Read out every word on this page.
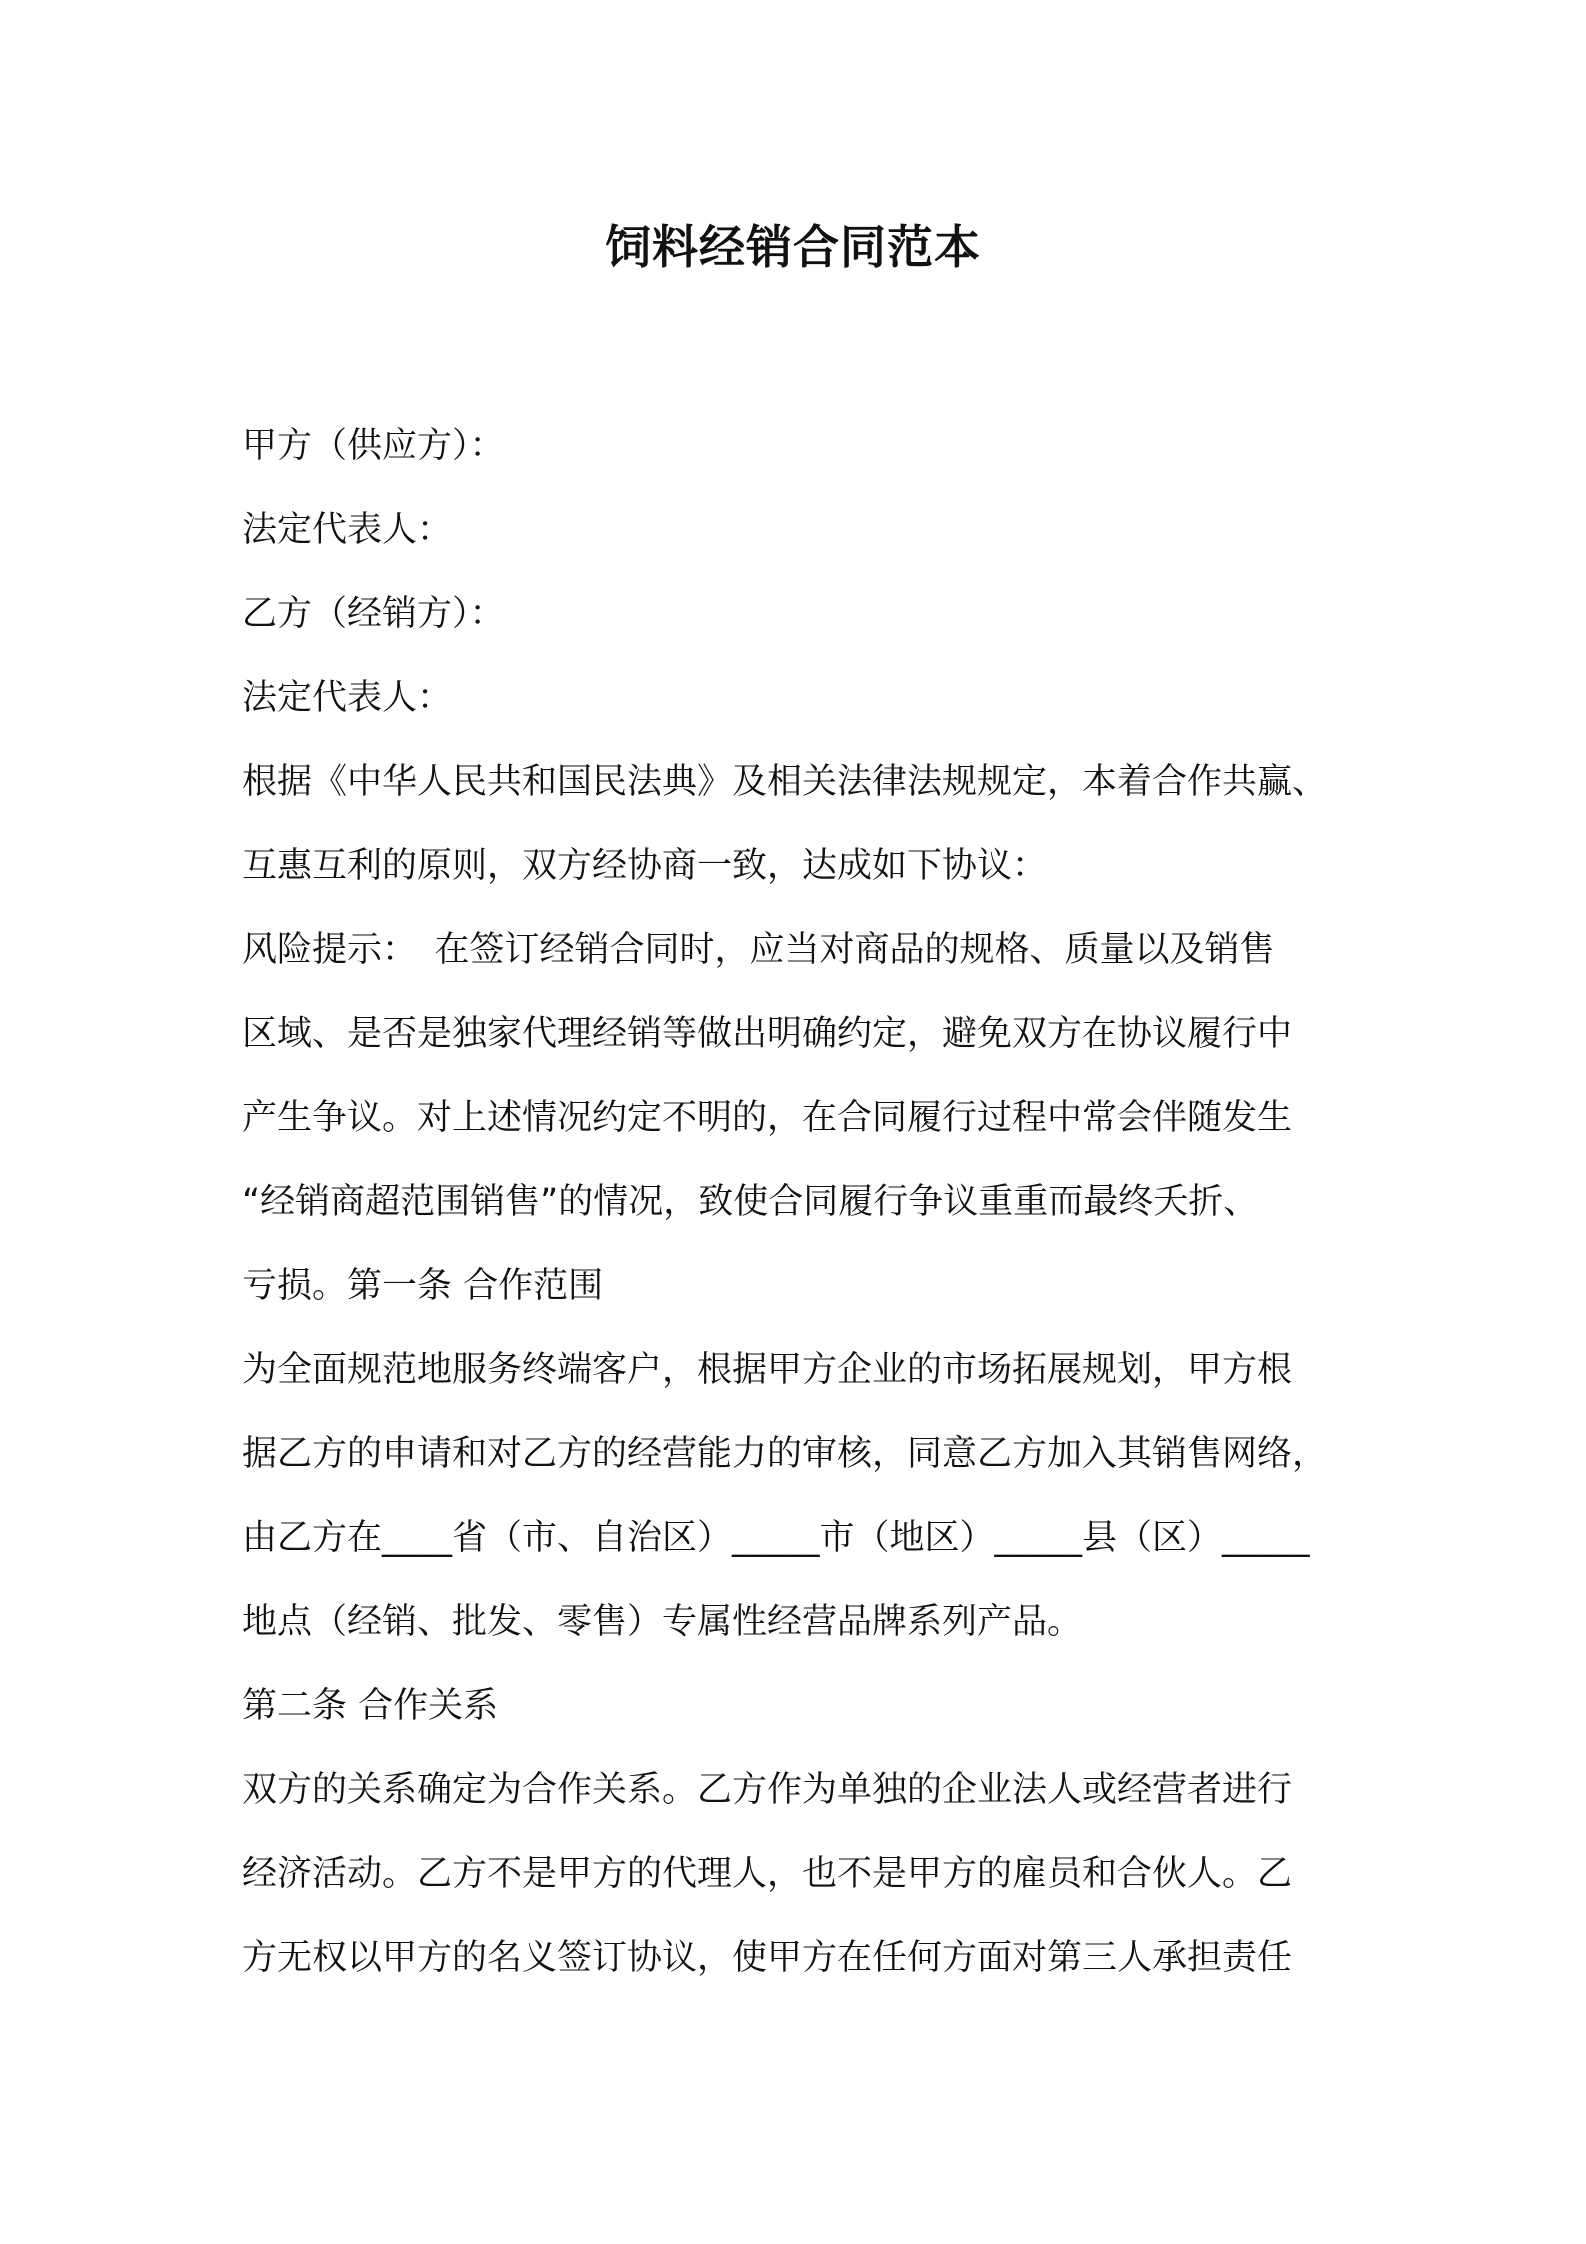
饲料经销合同范本
甲方（供应方）：
法定代表人：
乙方（经销方）：
法定代表人：
根据《中华人民共和国民法典》及相关法律法规规定，本着合作共赢、
互惠互利的原则，双方经协商一致，达成如下协议：
风险提示：　在签订经销合同时，应当对商品的规格、质量以及销售
区域、是否是独家代理经销等做出明确约定，避免双方在协议履行中
产生争议。对上述情况约定不明的，在合同履行过程中常会伴随发生
“经销商超范围销售”的情况，致使合同履行争议重重而最终夭折、
亏损。第一条 合作范围
为全面规范地服务终端客户，根据甲方企业的市场拓展规划，甲方根
据乙方的申请和对乙方的经营能力的审核，同意乙方加入其销售网络，
由乙方在____省（市、自治区）_____市（地区）_____县（区）_____
地点（经销、批发、零售）专属性经营品牌系列产品。
第二条 合作关系
双方的关系确定为合作关系。乙方作为单独的企业法人或经营者进行
经济活动。乙方不是甲方的代理人，也不是甲方的雇员和合伙人。乙
方无权以甲方的名义签订协议，使甲方在任何方面对第三人承担责任
